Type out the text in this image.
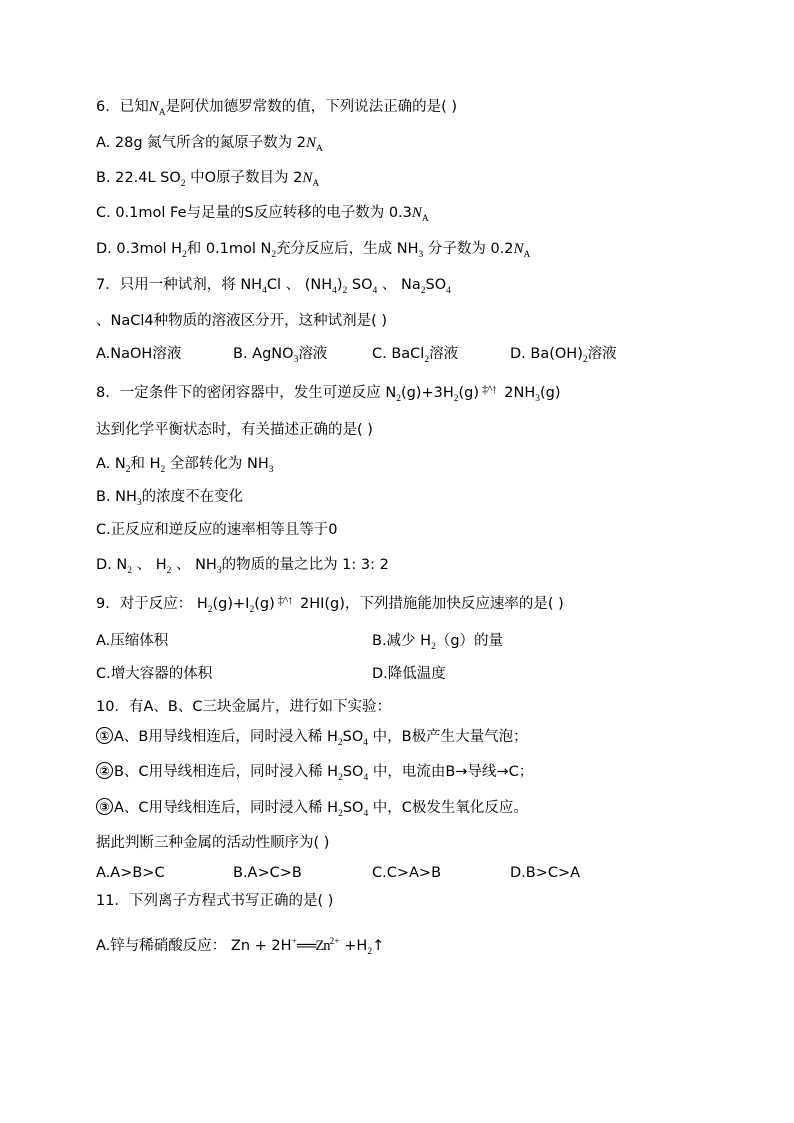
6．已知$N_A$是阿伏加德罗常数的值，下列说法正确的是( )
A. 28g 氮气所含的氮原子数为 $2N_A$
B. 22.4L $SO_2$ 中O原子数目为 $2N_A$
C. 0.1mol Fe与足量的S反应转移的电子数为 $0.3N_A$
D. 0.3mol $H_2$和 0.1mol $N_2$充分反应后，生成 $NH_3$ 分子数为 $0.2N_A$
7．只用一种试剂，将 $NH_4Cl$ 、 $(NH_4)_2$ $SO_4$ 、 $Na_2SO_4$
、NaCl4种物质的溶液区分开，这种试剂是( )
A.NaOH溶液	B. AgNO$_3$溶液	C. BaCl$_2$溶液	D. $Ba(OH)_2$溶液
8．一定条件下的密闭容器中，发生可逆反应 $N_2(g)+3H_2(g)$ ‡^↑ $2NH_3(g)$
达到化学平衡状态时，有关描述正确的是( )
A. $N_2$和 $H_2$ 全部转化为 $NH_3$
B. $NH_3$的浓度不在变化
C.正反应和逆反应的速率相等且等于0
D. $N_2$ 、 $H_2$ 、 $NH_3$的物质的量之比为 1: 3: 2
9．对于反应： $H_2(g)+I_2(g)$ ‡^↑ 2HI(g)，下列措施能加快反应速率的是( )
A.压缩体积	B.减少 $H_2(g)$的量
C.增大容器的体积	D.降低温度
10．有A、B、C三块金属片，进行如下实验：
① A、B用导线相连后，同时浸入稀 $H_2SO_4$ 中，B极产生大量气泡；
② B、C用导线相连后，同时浸入稀 $H_2SO_4$ 中，电流由B→导线→C；
③ A、C用导线相连后，同时浸入稀 $H_2SO_4$ 中，C极发生氧化反应。
据此判断三种金属的活动性顺序为( )
A.A>B>C	B.A>C>B	C.C>A>B	D.B>C>A
11．下列离子方程式书写正确的是( )
A.锌与稀硝酸反应： $Zn + 2H^+══Zn^{2+}$ $+H_2↑$
